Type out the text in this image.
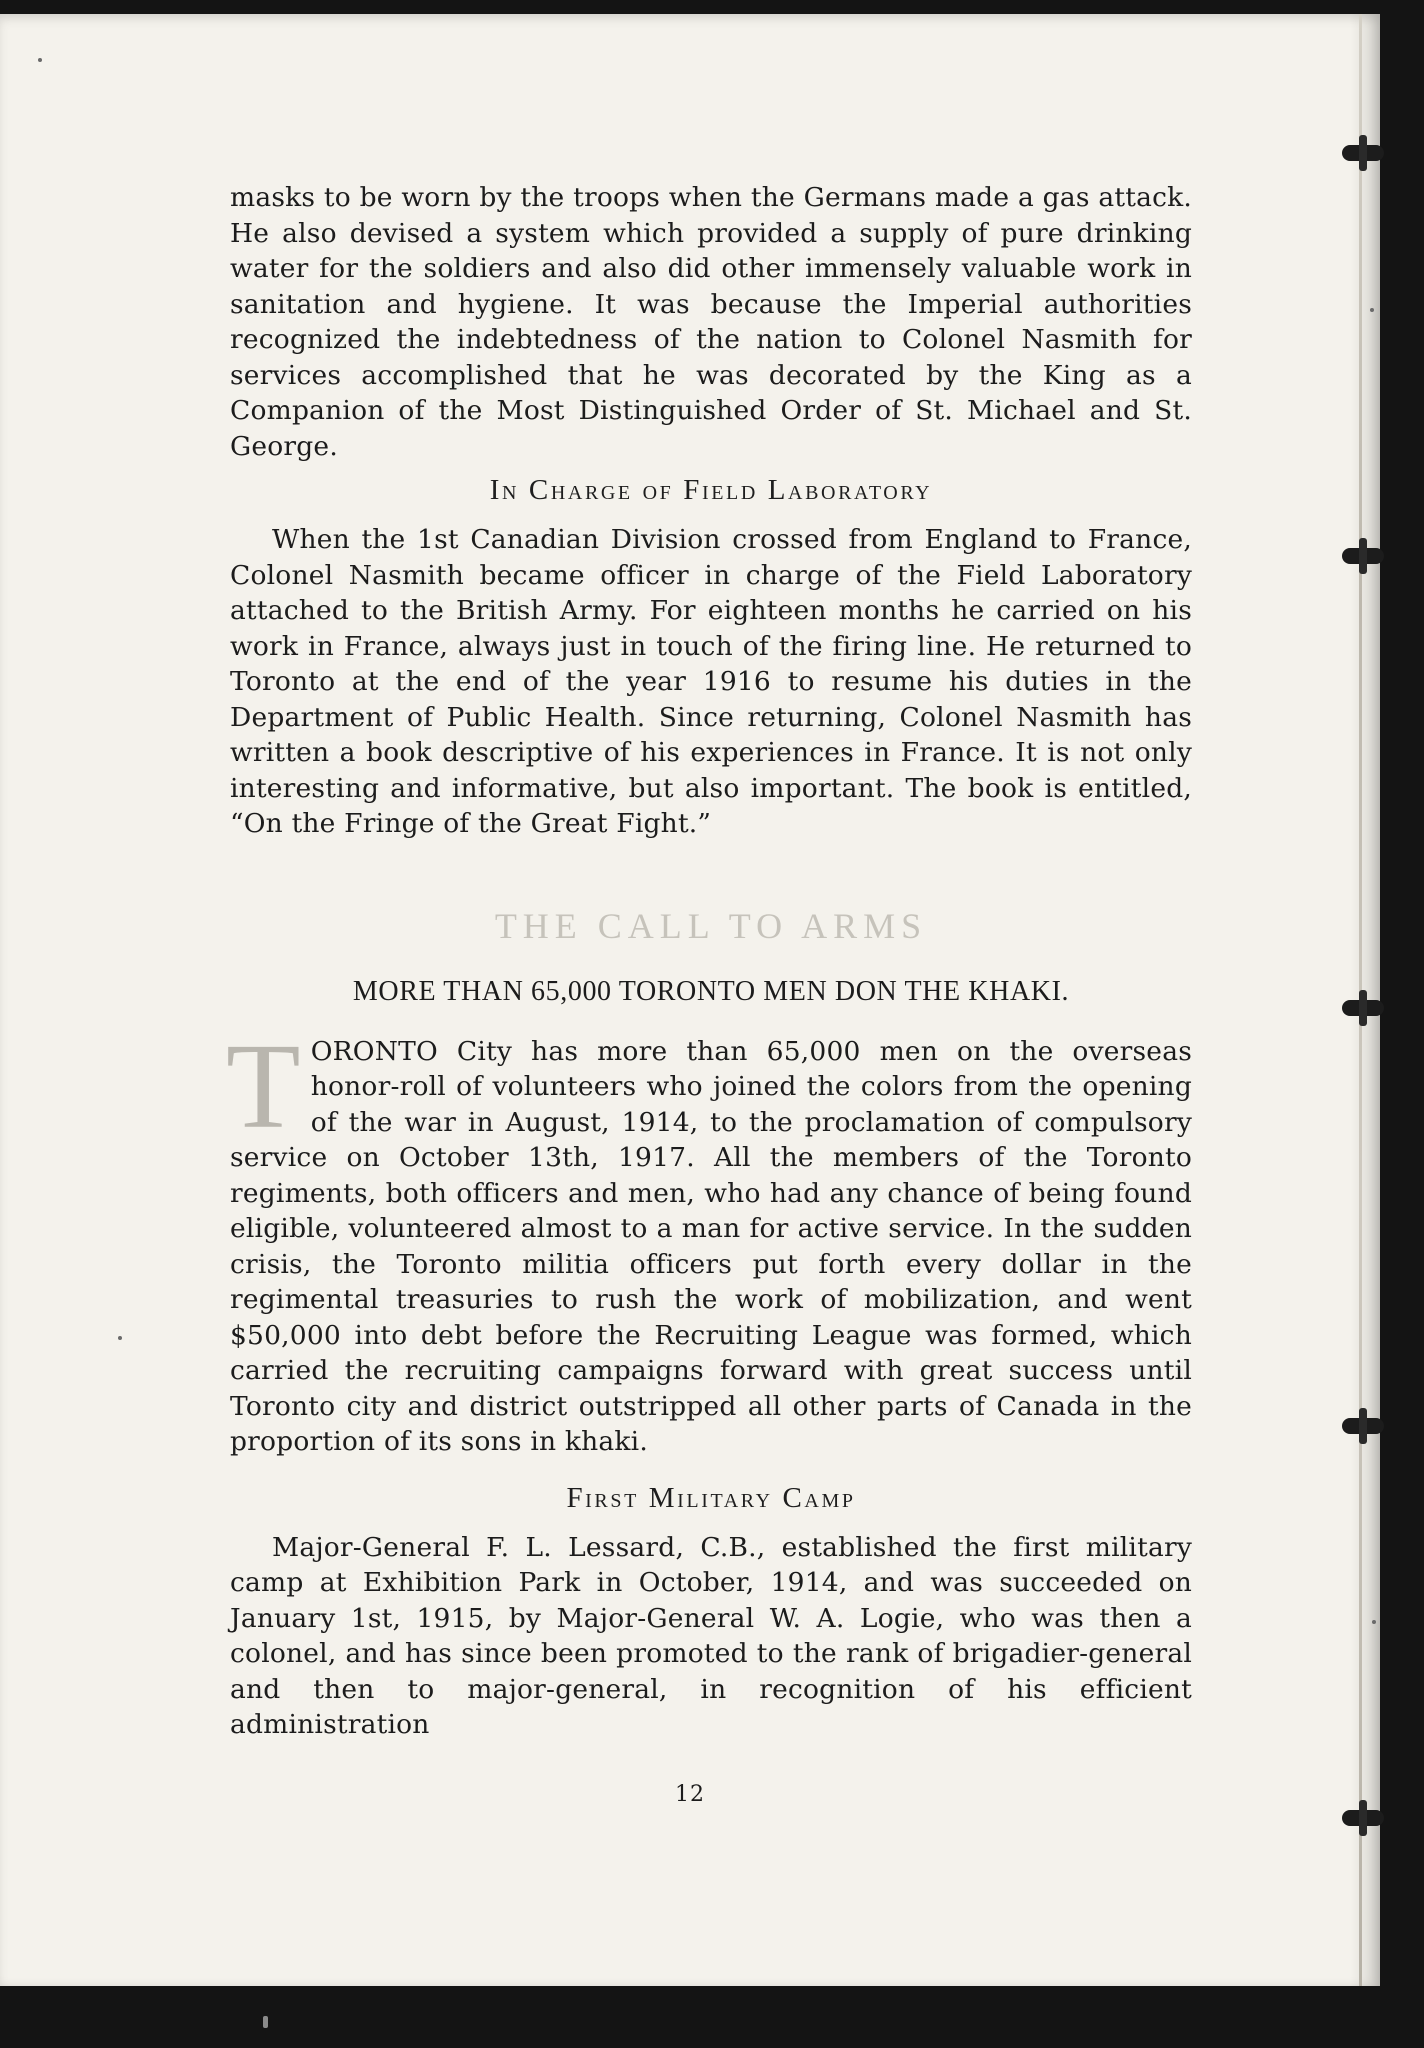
masks to be worn by the troops when the Germans made a gas attack. He also devised a system which provided a supply of pure drinking water for the soldiers and also did other immensely valuable work in sanitation and hygiene. It was because the Imperial authorities recognized the indebtedness of the nation to Colonel Nasmith for services accomplished that he was decorated by the King as a Companion of the Most Distinguished Order of St. Michael and St. George.

In Charge of Field Laboratory

When the 1st Canadian Division crossed from England to France, Colonel Nasmith became officer in charge of the Field Laboratory attached to the British Army. For eighteen months he carried on his work in France, always just in touch of the firing line. He returned to Toronto at the end of the year 1916 to resume his duties in the Department of Public Health. Since returning, Colonel Nasmith has written a book descriptive of his experiences in France. It is not only interesting and informative, but also important. The book is entitled, “On the Fringe of the Great Fight.”

THE CALL TO ARMS
MORE THAN 65,000 TORONTO MEN DON THE KHAKI.

TORONTO City has more than 65,000 men on the overseas honor-roll of volunteers who joined the colors from the opening of the war in August, 1914, to the proclamation of compulsory service on October 13th, 1917. All the members of the Toronto regiments, both officers and men, who had any chance of being found eligible, volunteered almost to a man for active service. In the sudden crisis, the Toronto militia officers put forth every dollar in the regimental treasuries to rush the work of mobilization, and went $50,000 into debt before the Recruiting League was formed, which carried the recruiting campaigns forward with great success until Toronto city and district outstripped all other parts of Canada in the proportion of its sons in khaki.

First Military Camp

Major-General F. L. Lessard, C.B., established the first military camp at Exhibition Park in October, 1914, and was succeeded on January 1st, 1915, by Major-General W. A. Logie, who was then a colonel, and has since been promoted to the rank of brigadier-general and then to major-general, in recognition of his efficient administration

12
